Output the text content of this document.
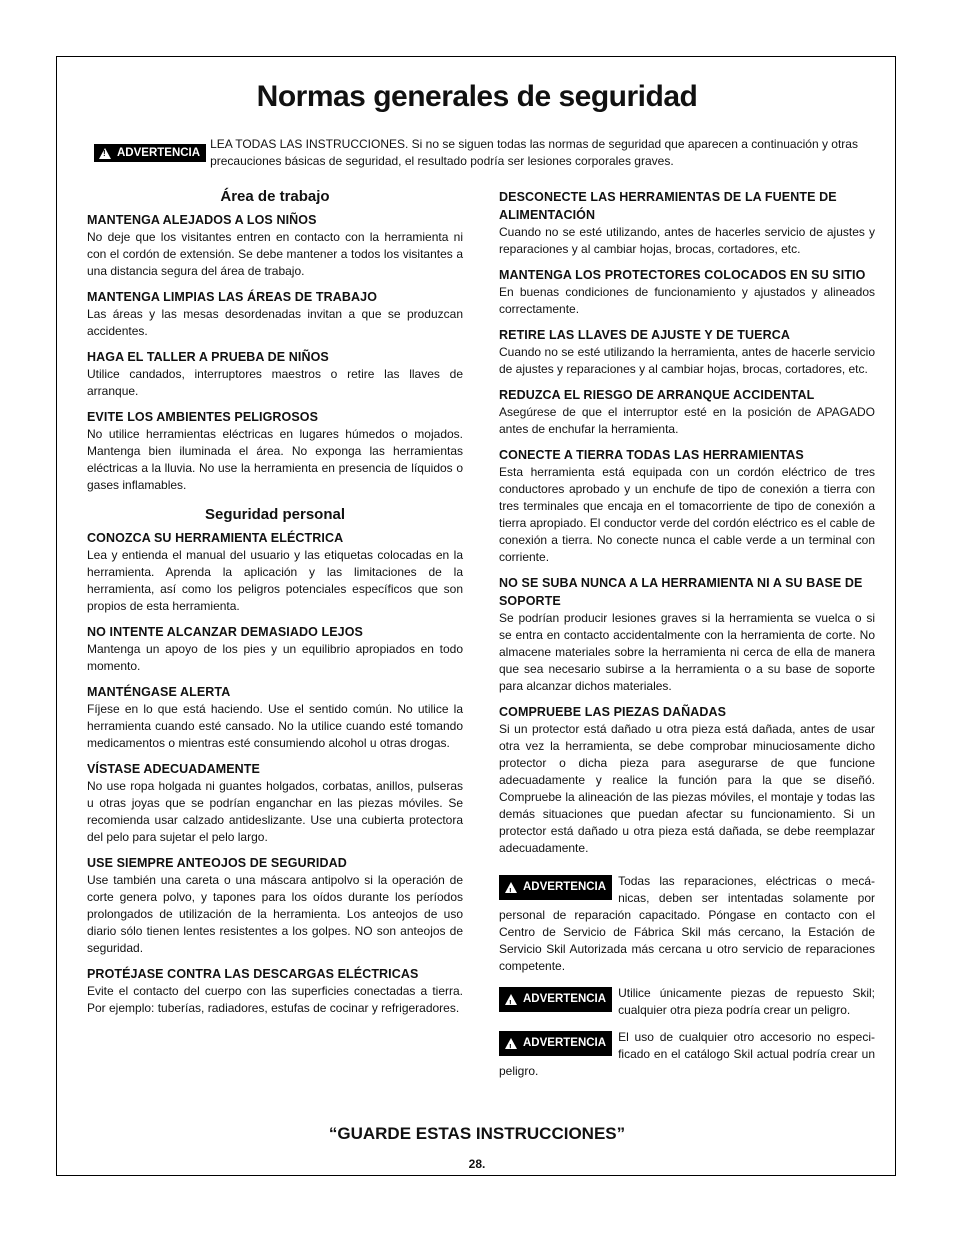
Normas generales de seguridad
!
ADVERTENCIA
LEA TODAS LAS INSTRUCCIONES. Si no se siguen todas las normas de seguridad que aparecen a continuación y otras precauciones básicas de seguridad, el resultado podría ser lesiones corporales graves.
Área de trabajo
MANTENGA ALEJADOS A LOS NIÑOS

No deje que los visitantes entren en contacto con la herramienta ni con el cordón de extensión. Se debe mantener a todos los visitantes a una distancia segura del área de trabajo.

MANTENGA LIMPIAS LAS ÁREAS DE TRABAJO

Las áreas y las mesas desordenadas invitan a que se produzcan accidentes.

HAGA EL TALLER A PRUEBA DE NIÑOS

Utilice candados, interruptores maestros o retire las llaves de arranque.

EVITE LOS AMBIENTES PELIGROSOS

No utilice herramientas eléctricas en lugares húmedos o mojados. Mantenga bien iluminada el área. No exponga las herramientas eléctricas a la lluvia. No use la herramienta en presencia de líquidos o gases inflamables.

Seguridad personal
CONOZCA SU HERRAMIENTA ELÉCTRICA

Lea y entienda el manual del usuario y las etiquetas colocadas en la herramienta. Aprenda la aplicación y las limitaciones de la herramienta, así como los peligros potenciales específicos que son propios de esta herramienta.

NO INTENTE ALCANZAR DEMASIADO LEJOS

Mantenga un apoyo de los pies y un equilibrio apropiados en todo momento.

MANTÉNGASE ALERTA

Fíjese en lo que está haciendo. Use el sentido común. No utilice la herramienta cuando esté cansado. No la utilice cuando esté tomando medicamentos o mientras esté consumiendo alcohol u otras drogas.

VÍSTASE ADECUADAMENTE

No use ropa holgada ni guantes holgados, corbatas, anillos, pulseras u otras joyas que se podrían enganchar en las piezas móviles. Se recomienda usar calzado antideslizante. Use una cubierta protectora del pelo para sujetar el pelo largo.

USE SIEMPRE ANTEOJOS DE SEGURIDAD

Use también una careta o una máscara antipolvo si la operación de corte genera polvo, y tapones para los oídos durante los períodos prolongados de utilización de la herramienta. Los anteojos de uso diario sólo tienen lentes resistentes a los golpes. NO son anteojos de seguridad.

PROTÉJASE CONTRA LAS DESCARGAS ELÉCTRICAS

Evite el contacto del cuerpo con las superficies conectadas a tierra. Por ejemplo: tuberías, radiadores, estufas de cocinar y refrigeradores.

DESCONECTE LAS HERRAMIENTAS DE LA FUENTE DE ALIMENTACIÓN

Cuando no se esté utilizando, antes de hacerles servicio de ajustes y reparaciones y al cambiar hojas, brocas, cortadores, etc.

MANTENGA LOS PROTECTORES COLOCADOS EN SU SITIO

En buenas condiciones de funcionamiento y ajustados y alineados correctamente.

RETIRE LAS LLAVES DE AJUSTE Y DE TUERCA

Cuando no se esté utilizando la herramienta, antes de hacerle servicio de ajustes y reparaciones y al cambiar hojas, brocas, cortadores, etc.

REDUZCA EL RIESGO DE ARRANQUE ACCIDENTAL

Asegúrese de que el interruptor esté en la posición de APAGADO antes de enchufar la herramienta.

CONECTE A TIERRA TODAS LAS HERRAMIENTAS

Esta herramienta está equipada con un cordón eléctrico de tres conductores aprobado y un enchufe de tipo de conexión a tierra con tres terminales que encaja en el tomacorriente de tipo de conexión a tierra apropiado. El conductor verde del cordón eléctrico es el cable de conexión a tierra. No conecte nunca el cable verde a un terminal con corriente.

NO SE SUBA NUNCA A LA HERRAMIENTA NI A SU BASE DE SOPORTE

Se podrían producir lesiones graves si la herramienta se vuelca o si se entra en contacto accidentalmente con la herramienta de corte. No almacene materiales sobre la herramienta ni cerca de ella de manera que sea necesario subirse a la herramienta o a su base de soporte para alcanzar dichos materiales.

COMPRUEBE LAS PIEZAS DAÑADAS

Si un protector está dañado u otra pieza está dañada, antes de usar otra vez la herramienta, se debe comprobar minuciosamente dicho protector o dicha pieza para asegurarse de que funcione adecuadamente y realice la función para la que se diseñó. Compruebe la alineación de las piezas móviles, el montaje y todas las demás situaciones que puedan afectar su funcionamiento. Si un protector está dañado u otra pieza está dañada, se debe reemplazar adecuadamente.

!
ADVERTENCIA Todas las reparaciones, eléctricas o mecá- nicas, deben ser intentadas solamente por personal de reparación capacitado. Póngase en contacto con el Centro de Servicio de Fábrica Skil más cercano, la Estación de Servicio Skil Autorizada más cercana u otro servicio de reparaciones competente.
!
ADVERTENCIA Utilice únicamente piezas de repuesto Skil; cualquier otra pieza podría crear un peligro.
!
ADVERTENCIA El uso de cualquier otro accesorio no especi- ficado en el catálogo Skil actual podría crear un peligro.
“GUARDE ESTAS INSTRUCCIONES”
28.
